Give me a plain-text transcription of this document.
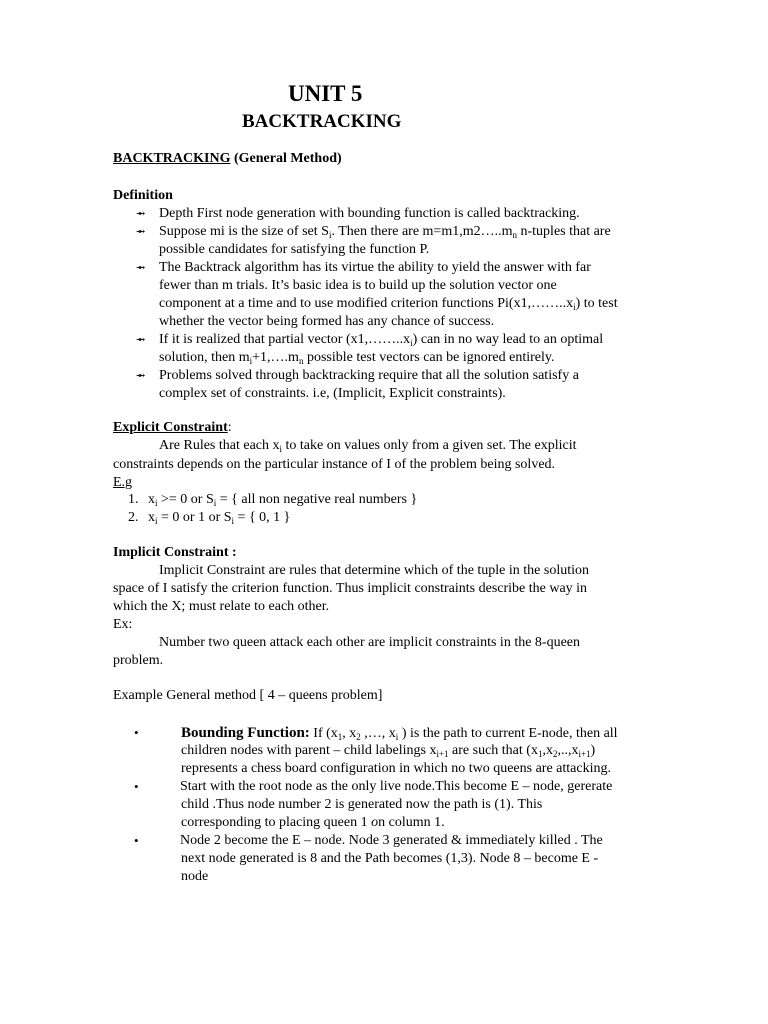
UNIT 5
BACKTRACKING
BACKTRACKING (General Method)
Definition
⇴ Depth First node generation with bounding function is called backtracking.
⇴ Suppose mi is the size of set $S_i$. Then there are $m=m1,m2\dots..m_n$ n-tuples that are
possible candidates for satisfying the function P.
⇴ The Backtrack algorithm has its virtue the ability to yield the answer with far
fewer than m trials. It’s basic idea is to build up the solution vector one
component at a time and to use modified criterion functions $Pi(x1,\dots\dots..x_i)$ to test
whether the vector being formed has any chance of success.
⇴ If it is realized that partial vector $(x1,\dots\dots..x_i)$ can in no way lead to an optimal
solution, then $m_i+1,\dots.m_n$ possible test vectors can be ignored entirely.
⇴ Problems solved through backtracking require that all the solution satisfy a
complex set of constraints. i.e, (Implicit, Explicit constraints).
Explicit Constraint:
Are Rules that each $x_i$ to take on values only from a given set. The explicit
constraints depends on the particular instance of I of the problem being solved.
E.g
1. $x_i >= 0$ or $S_i$ = { all non negative real numbers }
2. $x_i = 0$ or 1 or $S_i$ = { 0, 1 }
Implicit Constraint :
Implicit Constraint are rules that determine which of the tuple in the solution
space of I satisfy the criterion function. Thus implicit constraints describe the way in
which the X; must relate to each other.
Ex:
Number two queen attack each other are implicit constraints in the 8-queen
problem.
Example General method [ 4 – queens problem]
•	Bounding Function: If ($x_1$, $x_2$ ,…, $x_i$ ) is the path to current E-node, then all
children nodes with parent – child labelings $x_{i+1}$ are such that $(x_1,x_2,..,x_{i+1})$
represents a chess board configuration in which no two queens are attacking.
•	Start with the root node as the only live node.This become E – node, gererate
child .Thus node number 2 is generated now the path is (1). This
corresponding to placing queen 1 on column 1.
•	Node 2 become the E – node. Node 3 generated & immediately killed . The
next node generated is 8 and the Path becomes (1,3). Node 8 – become E -
node
